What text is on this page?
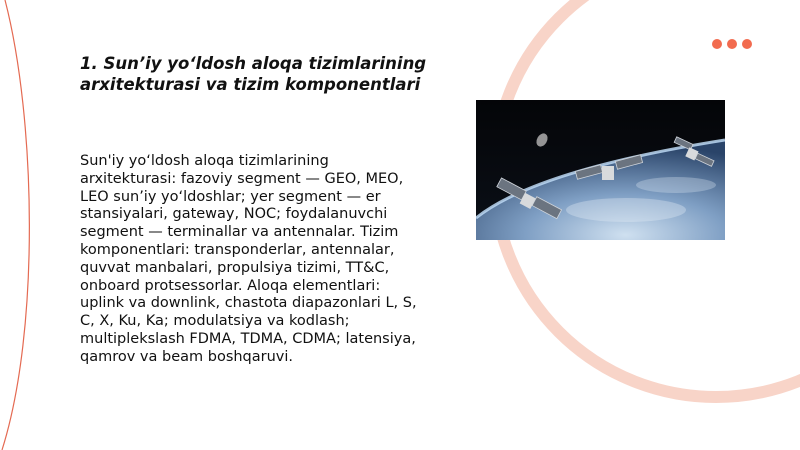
1. Sun’iy yo‘ldosh aloqa tizimlarining arxitekturasi va tizim komponentlari

Sun'iy yo‘ldosh aloqa tizimlarining arxitekturasi: fazoviy segment — GEO, MEO, LEO sun’iy yo‘ldoshlar; yer segment — er stansiyalari, gateway, NOC; foydalanuvchi segment — terminallar va antennalar. Tizim komponentlari: transponderlar, antennalar, quvvat manbalari, propulsiya tizimi, TT&C, onboard protsessorlar. Aloqa elementlari: uplink va downlink, chastota diapazonlari L, S, C, X, Ku, Ka; modulatsiya va kodlash; multiplekslash FDMA, TDMA, CDMA; latensiya, qamrov va beam boshqaruvi.
